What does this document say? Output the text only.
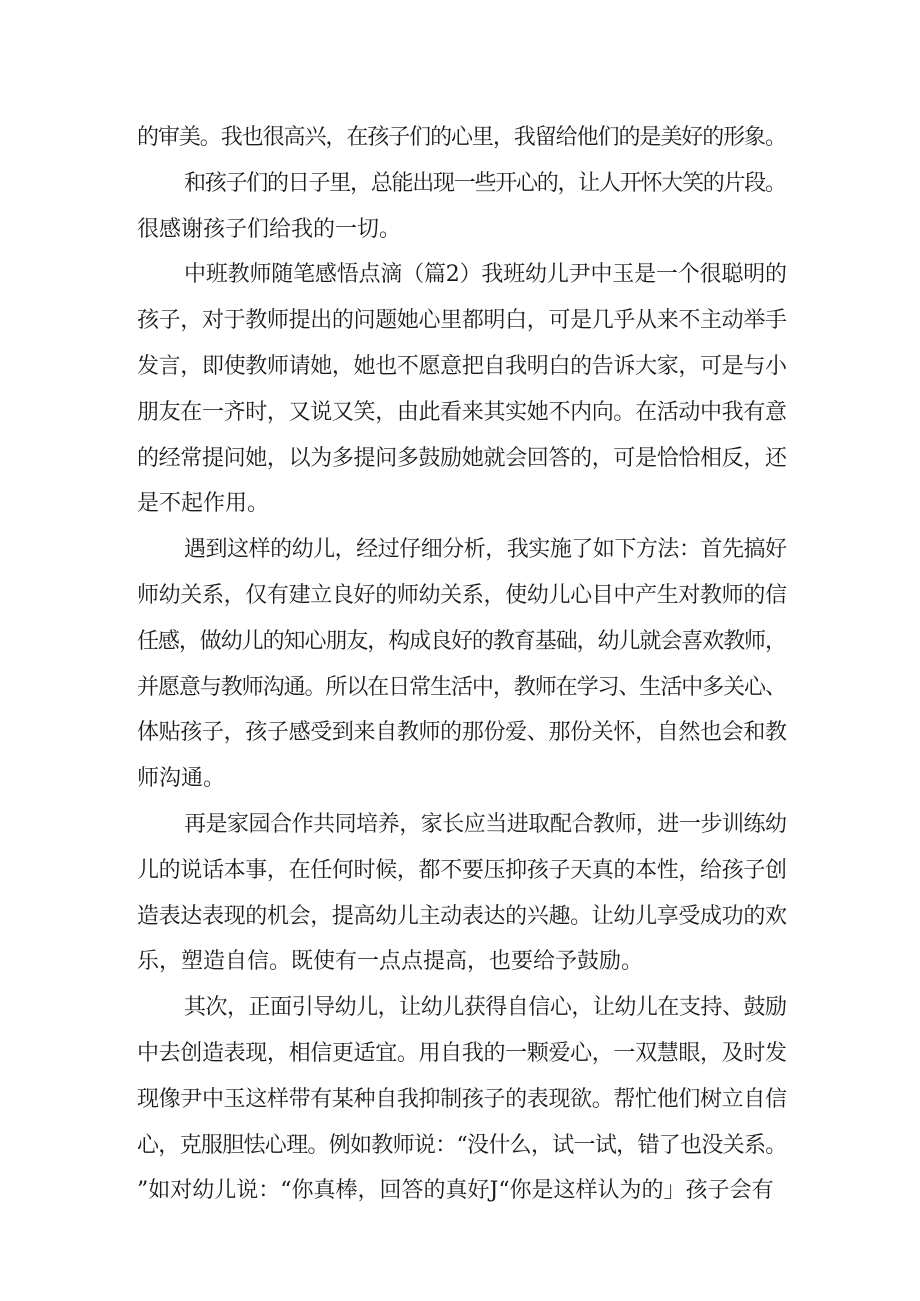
的审美。我也很高兴，在孩子们的心里，我留给他们的是美好的形象。
和孩子们的日子里，总能出现一些开心的，让人开怀大笑的片段。
很感谢孩子们给我的一切。
中班教师随笔感悟点滴（篇2）我班幼儿尹中玉是一个很聪明的
孩子，对于教师提出的问题她心里都明白，可是几乎从来不主动举手
发言，即使教师请她，她也不愿意把自我明白的告诉大家，可是与小
朋友在一齐时，又说又笑，由此看来其实她不内向。在活动中我有意
的经常提问她，以为多提问多鼓励她就会回答的，可是恰恰相反，还
是不起作用。
遇到这样的幼儿，经过仔细分析，我实施了如下方法：首先搞好
师幼关系，仅有建立良好的师幼关系，使幼儿心目中产生对教师的信
任感，做幼儿的知心朋友，构成良好的教育基础，幼儿就会喜欢教师，
并愿意与教师沟通。所以在日常生活中，教师在学习、生活中多关心、
体贴孩子，孩子感受到来自教师的那份爱、那份关怀，自然也会和教
师沟通。
再是家园合作共同培养，家长应当进取配合教师，进一步训练幼
儿的说话本事，在任何时候，都不要压抑孩子天真的本性，给孩子创
造表达表现的机会，提高幼儿主动表达的兴趣。让幼儿享受成功的欢
乐，塑造自信。既使有一点点提高，也要给予鼓励。
其次，正面引导幼儿，让幼儿获得自信心，让幼儿在支持、鼓励
中去创造表现，相信更适宜。用自我的一颗爱心，一双慧眼，及时发
现像尹中玉这样带有某种自我抑制孩子的表现欲。帮忙他们树立自信
心，克服胆怯心理。例如教师说：“没什么，试一试，错了也没关系。
”如对幼儿说：“你真棒，回答的真好J“你是这样认为的」孩子会有
